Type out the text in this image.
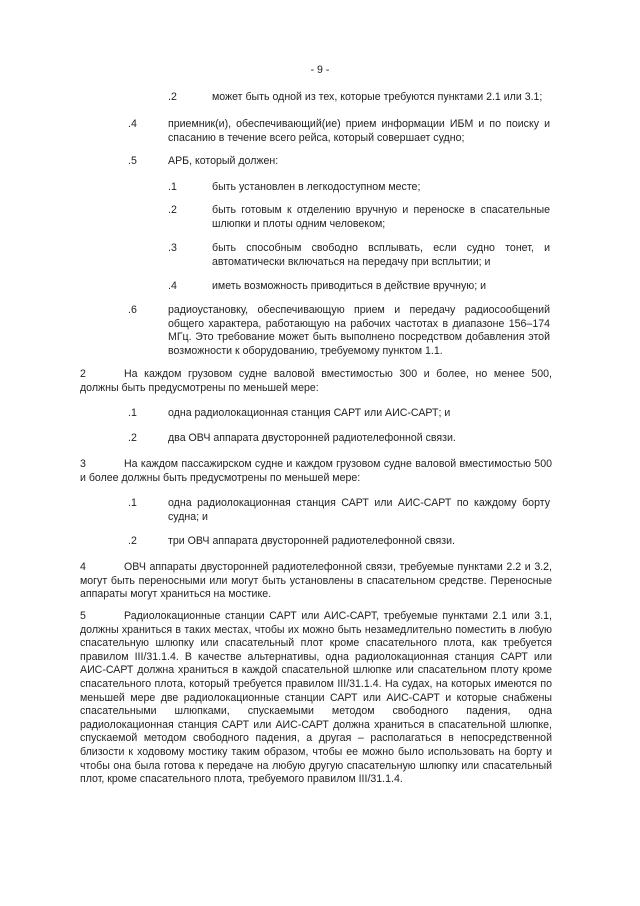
- 9 -
.2	может быть одной из тех, которые требуются пунктами 2.1 или 3.1;
.4	приемник(и), обеспечивающий(ие) прием информации ИБМ и по поиску и спасанию в течение всего рейса, который совершает судно;
.5	АРБ, который должен:
.1	быть установлен в легкодоступном месте;
.2	быть готовым к отделению вручную и переноске в спасательные шлюпки и плоты одним человеком;
.3	быть способным свободно всплывать, если судно тонет, и автоматически включаться на передачу при всплытии; и
.4	иметь возможность приводиться в действие вручную; и
.6	радиоустановку, обеспечивающую прием и передачу радиосообщений общего характера, работающую на рабочих частотах в диапазоне 156–174 МГц. Это требование может быть выполнено посредством добавления этой возможности к оборудованию, требуемому пунктом 1.1.
2	На каждом грузовом судне валовой вместимостью 300 и более, но менее 500, должны быть предусмотрены по меньшей мере:
.1	одна радиолокационная станция САРТ или АИС-САРТ; и
.2	два ОВЧ аппарата двусторонней радиотелефонной связи.
3	На каждом пассажирском судне и каждом грузовом судне валовой вместимостью 500 и более должны быть предусмотрены по меньшей мере:
.1	одна радиолокационная станция САРТ или АИС-САРТ по каждому борту судна; и
.2	три ОВЧ аппарата двусторонней радиотелефонной связи.
4	ОВЧ аппараты двусторонней радиотелефонной связи, требуемые пунктами 2.2 и 3.2, могут быть переносными или могут быть установлены в спасательном средстве. Переносные аппараты могут храниться на мостике.
5	Радиолокационные станции САРТ или АИС-САРТ, требуемые пунктами 2.1 или 3.1, должны храниться в таких местах, чтобы их можно быть незамедлительно поместить в любую спасательную шлюпку или спасательный плот кроме спасательного плота, как требуется правилом III/31.1.4. В качестве альтернативы, одна радиолокационная станция САРТ или АИС-САРТ должна храниться в каждой спасательной шлюпке или спасательном плоту кроме спасательного плота, который требуется правилом III/31.1.4. На судах, на которых имеются по меньшей мере две радиолокационные станции САРТ или АИС-САРТ и которые снабжены спасательными шлюпками, спускаемыми методом свободного падения, одна радиолокационная станция САРТ или АИС-САРТ должна храниться в спасательной шлюпке, спускаемой методом свободного падения, а другая – располагаться в непосредственной близости к ходовому мостику таким образом, чтобы ее можно было использовать на борту и чтобы она была готова к передаче на любую другую спасательную шлюпку или спасательный плот, кроме спасательного плота, требуемого правилом III/31.1.4.
